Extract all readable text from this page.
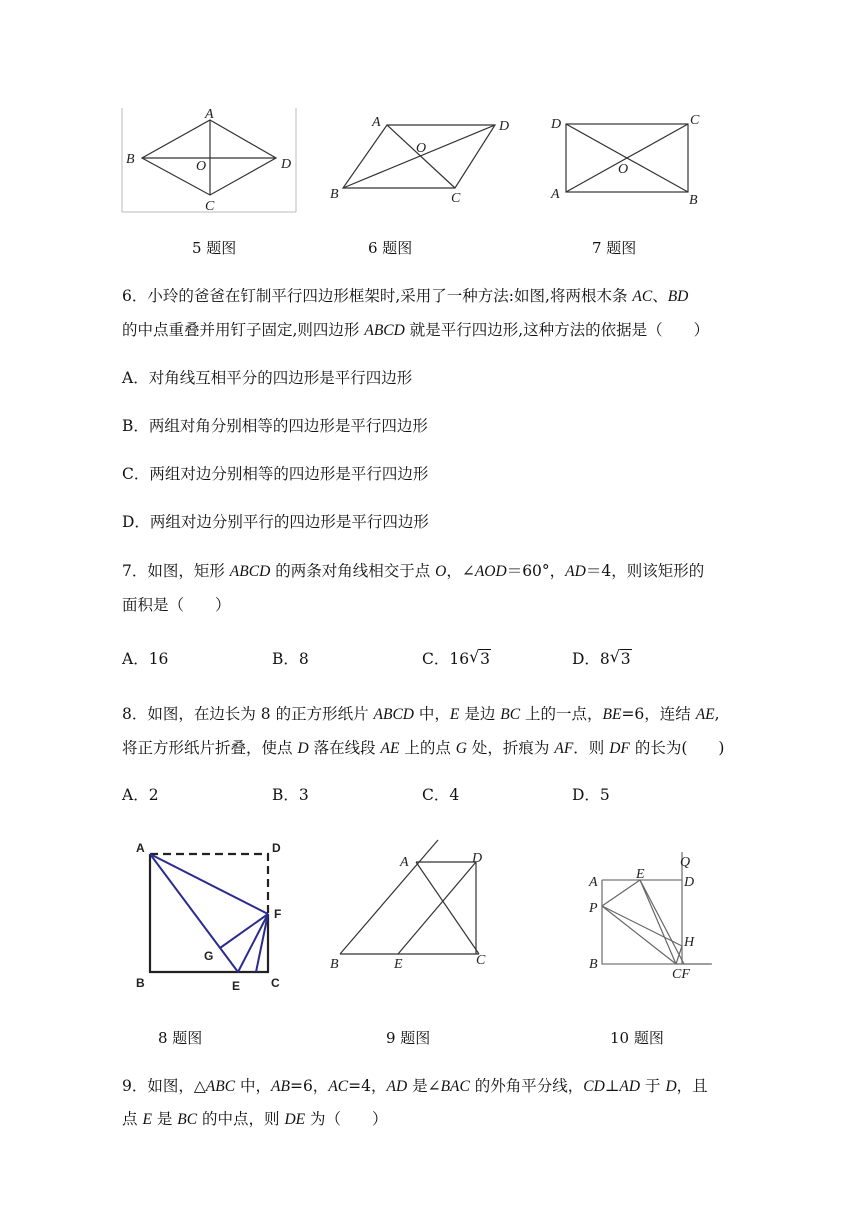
A
B	O	D
C
A	D
O
B	C
D	C
O
A	B
5 题图	6 题图	7 题图
6．小玲的爸爸在钉制平行四边形框架时,采用了一种方法:如图,将两根木条 AC、BD
的中点重叠并用钉子固定,则四边形 ABCD 就是平行四边形,这种方法的依据是（　　）
A．对角线互相平分的四边形是平行四边形
B．两组对角分别相等的四边形是平行四边形
C．两组对边分别相等的四边形是平行四边形
D．两组对边分别平行的四边形是平行四边形
7．如图，矩形 ABCD 的两条对角线相交于点 O，∠AOD＝60°，AD＝4，则该矩形的
面积是（　　）
A．16	B．8	C．16 √ 3	D．8 √ 3
8．如图，在边长为 8 的正方形纸片 ABCD 中，E 是边 BC 上的一点，BE=6，连结 AE,
将正方形纸片折叠，使点 D 落在线段 AE 上的点 G 处，折痕为 AF．则 DF 的长为(　　)
A．2	B．3	C．4	D．5
A	D
F
G
B	E	C
A	D
B	E	C
Q
A
E
D
P
H
B
CF
8 题图	9 题图	10 题图
9．如图，△ABC 中，AB=6，AC=4，AD 是∠BAC 的外角平分线，CD⊥AD 于 D，且
点 E 是 BC 的中点，则 DE 为（　　）
